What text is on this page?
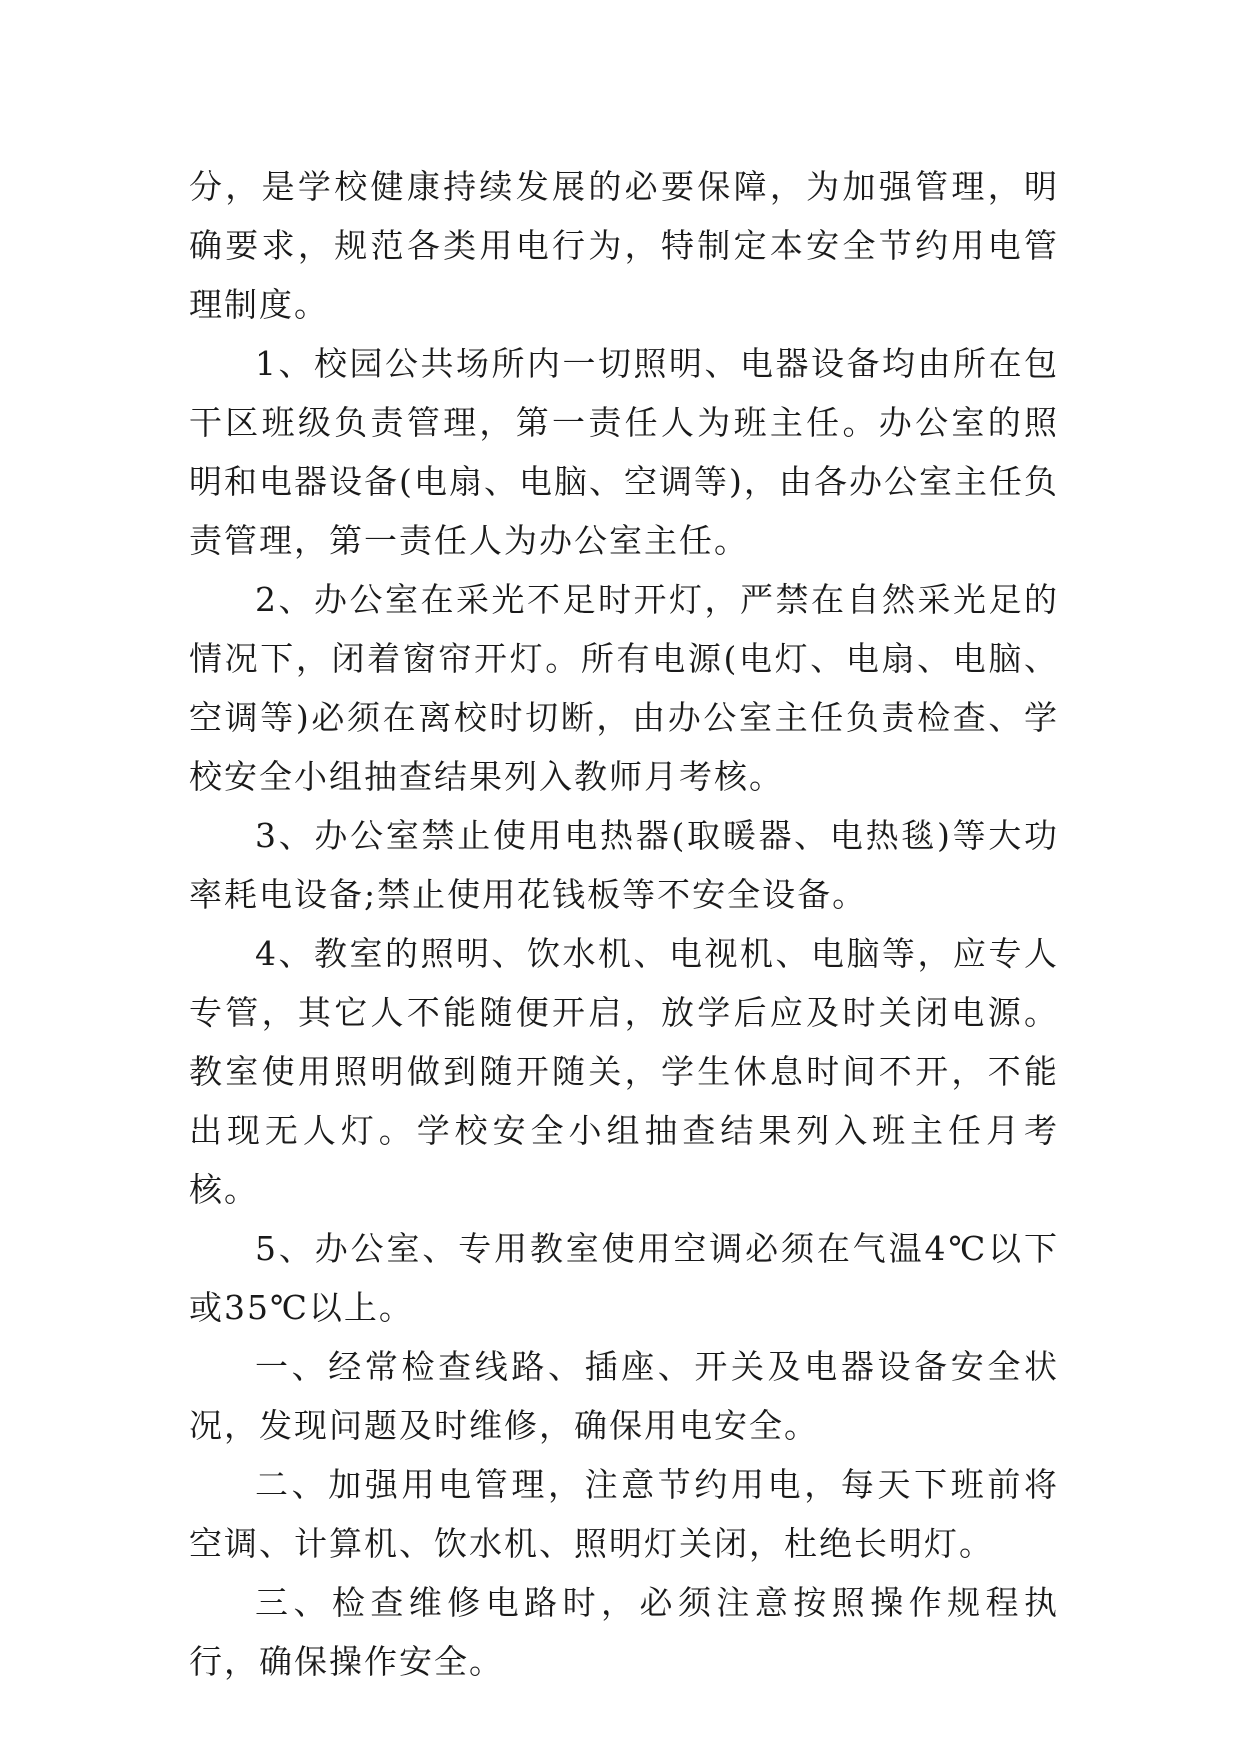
分，是学校健康持续发展的必要保障，为加强管理，明确要求，规范各类用电行为，特制定本安全节约用电管理制度。

1、校园公共场所内一切照明、电器设备均由所在包干区班级负责管理，第一责任人为班主任。办公室的照明和电器设备(电扇、电脑、空调等)，由各办公室主任负责管理，第一责任人为办公室主任。

2、办公室在采光不足时开灯，严禁在自然采光足的情况下，闭着窗帘开灯。所有电源(电灯、电扇、电脑、空调等)必须在离校时切断，由办公室主任负责检查、学校安全小组抽查结果列入教师月考核。

3、办公室禁止使用电热器(取暖器、电热毯)等大功率耗电设备;禁止使用花钱板等不安全设备。

4、教室的照明、饮水机、电视机、电脑等，应专人专管，其它人不能随便开启，放学后应及时关闭电源。教室使用照明做到随开随关，学生休息时间不开，不能出现无人灯。学校安全小组抽查结果列入班主任月考核。

5、办公室、专用教室使用空调必须在气温4℃以下或35℃以上。

一、经常检查线路、插座、开关及电器设备安全状况，发现问题及时维修，确保用电安全。

二、加强用电管理，注意节约用电，每天下班前将空调、计算机、饮水机、照明灯关闭，杜绝长明灯。

三、检查维修电路时，必须注意按照操作规程执行，确保操作安全。
